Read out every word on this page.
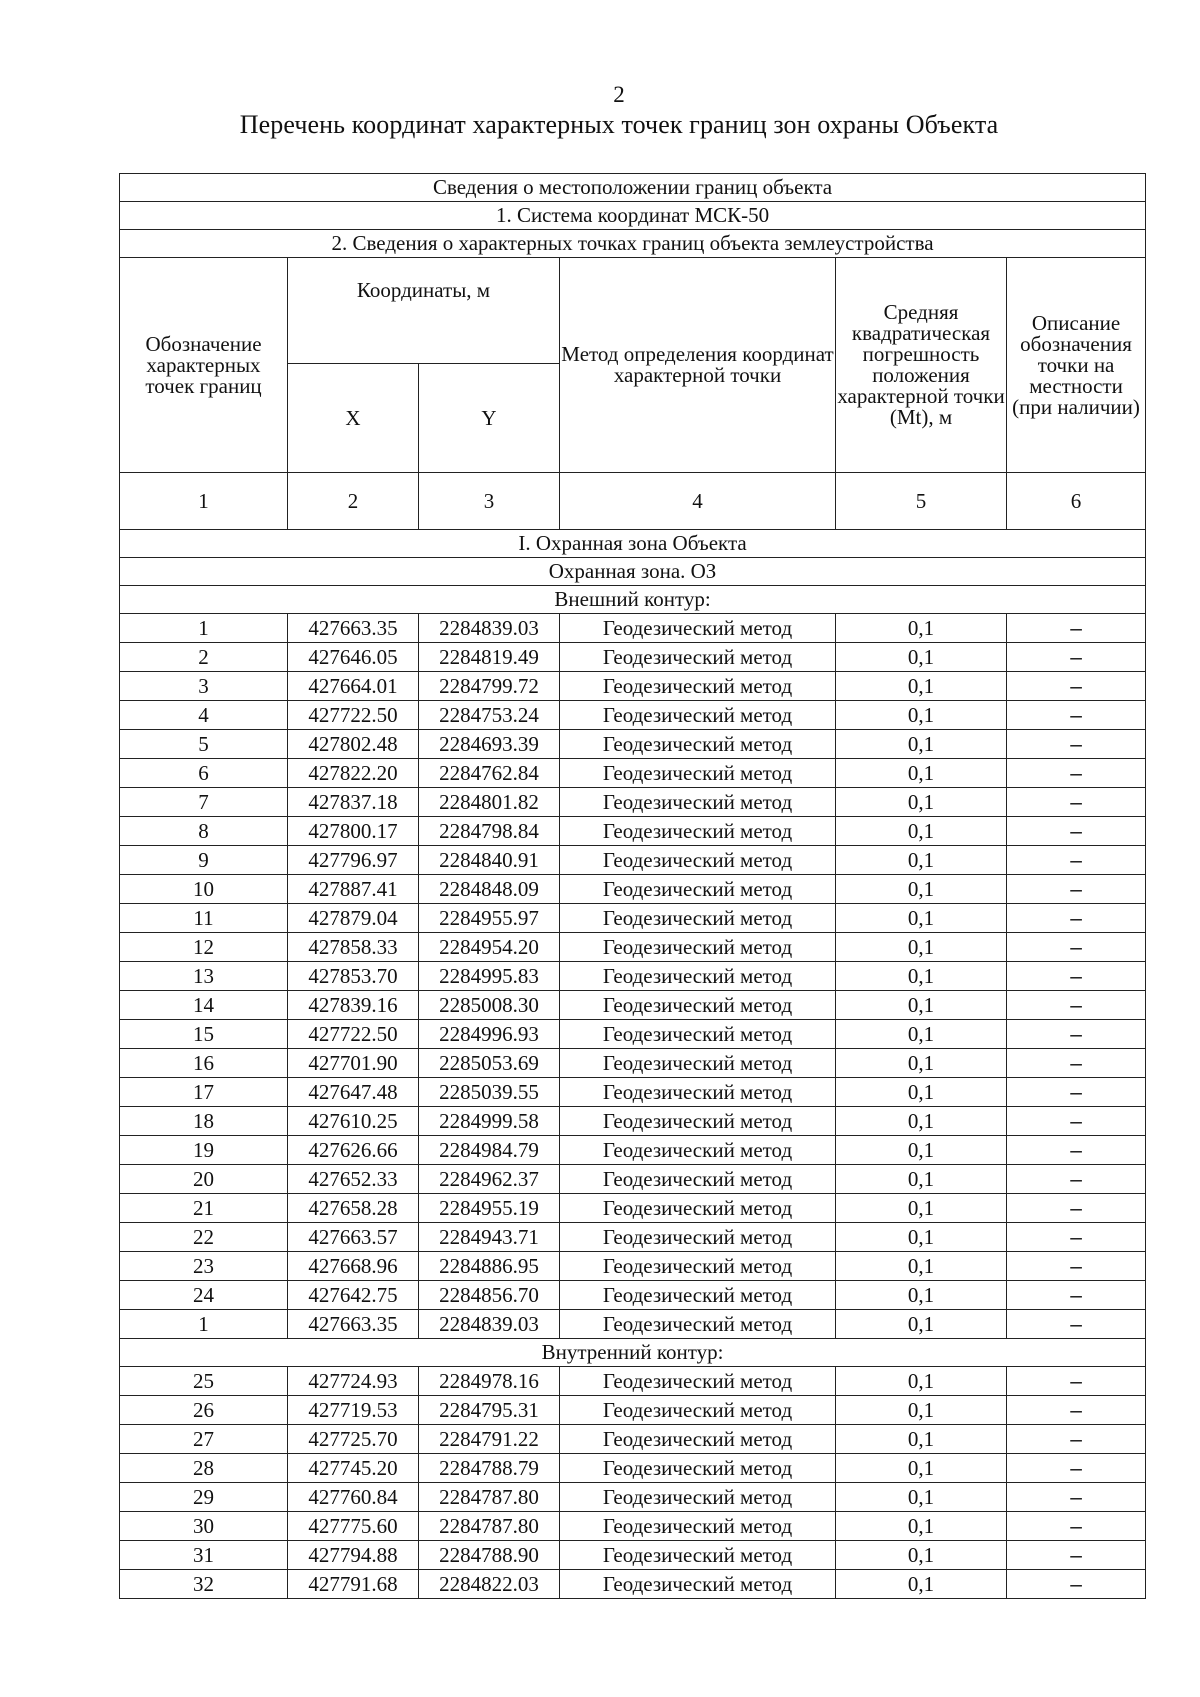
2
Перечень координат характерных точек границ зон охраны Объекта
Сведения о местоположении границ объекта					
1. Система координат МСК-50					
2. Сведения о характерных точках границ объекта землеустройства					
Обозначение характерных точек границ	Координаты, м		Метод определения координат характерной точки	Средняя квадратическая погрешность положения характерной точки (Mt), м	Описание обозначения точки на местности (при наличии)
	X	Y			
1	2	3	4	5	6
I. Охранная зона Объекта					
Охранная зона. ОЗ					
Внешний контур:					
1	427663.35	2284839.03	Геодезический метод	0,1	–
2	427646.05	2284819.49	Геодезический метод	0,1	–
3	427664.01	2284799.72	Геодезический метод	0,1	–
4	427722.50	2284753.24	Геодезический метод	0,1	–
5	427802.48	2284693.39	Геодезический метод	0,1	–
6	427822.20	2284762.84	Геодезический метод	0,1	–
7	427837.18	2284801.82	Геодезический метод	0,1	–
8	427800.17	2284798.84	Геодезический метод	0,1	–
9	427796.97	2284840.91	Геодезический метод	0,1	–
10	427887.41	2284848.09	Геодезический метод	0,1	–
11	427879.04	2284955.97	Геодезический метод	0,1	–
12	427858.33	2284954.20	Геодезический метод	0,1	–
13	427853.70	2284995.83	Геодезический метод	0,1	–
14	427839.16	2285008.30	Геодезический метод	0,1	–
15	427722.50	2284996.93	Геодезический метод	0,1	–
16	427701.90	2285053.69	Геодезический метод	0,1	–
17	427647.48	2285039.55	Геодезический метод	0,1	–
18	427610.25	2284999.58	Геодезический метод	0,1	–
19	427626.66	2284984.79	Геодезический метод	0,1	–
20	427652.33	2284962.37	Геодезический метод	0,1	–
21	427658.28	2284955.19	Геодезический метод	0,1	–
22	427663.57	2284943.71	Геодезический метод	0,1	–
23	427668.96	2284886.95	Геодезический метод	0,1	–
24	427642.75	2284856.70	Геодезический метод	0,1	–
1	427663.35	2284839.03	Геодезический метод	0,1	–
Внутренний контур:					
25	427724.93	2284978.16	Геодезический метод	0,1	–
26	427719.53	2284795.31	Геодезический метод	0,1	–
27	427725.70	2284791.22	Геодезический метод	0,1	–
28	427745.20	2284788.79	Геодезический метод	0,1	–
29	427760.84	2284787.80	Геодезический метод	0,1	–
30	427775.60	2284787.80	Геодезический метод	0,1	–
31	427794.88	2284788.90	Геодезический метод	0,1	–
32	427791.68	2284822.03	Геодезический метод	0,1	–
